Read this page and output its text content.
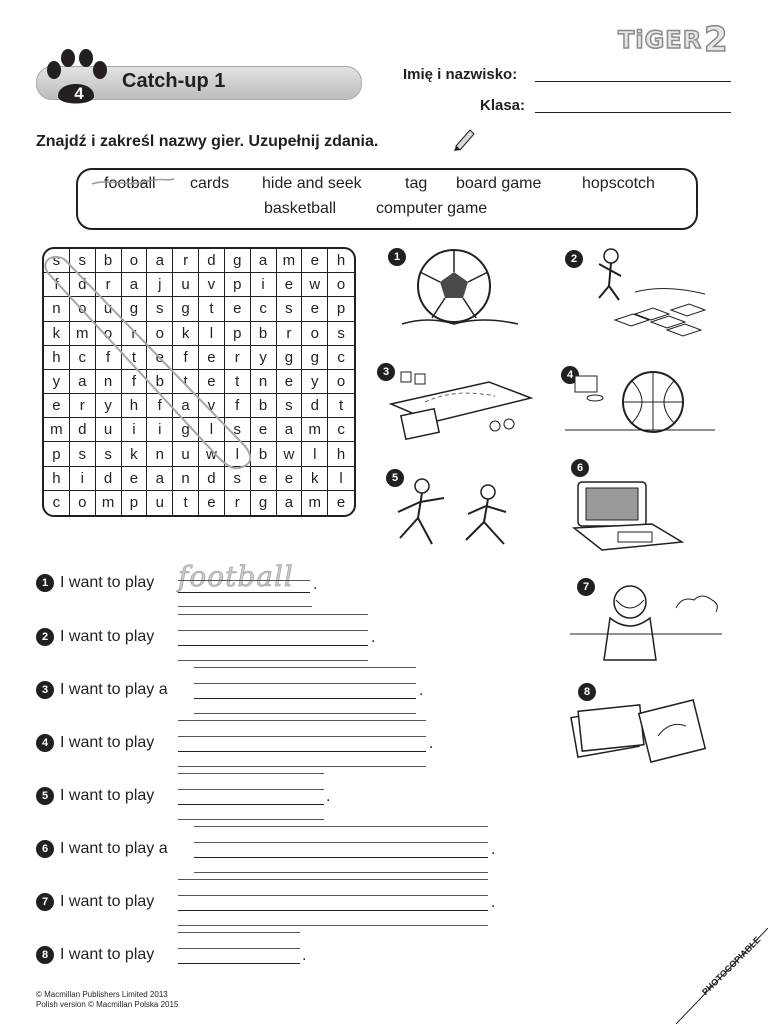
TiGER 2
4
Catch-up 1	Imię i nazwisko:
Klasa:
Znajdź i zakreśl nazwy gier. Uzupełnij zdania.
football cards hide and seek	tag board game	hopscotch
basketball computer game
s	s	b	o	a	r	d	g	a	m	e	h
f	d	r	a	j	u	v	p	i	e	w	o
n	o	u	g	s	g	t	e	c	s	e	p
k	m	o	r	o	k	l	p	b	r	o	s
h	c	f	t	e	f	e	r	y	g	g	c
y	a	n	f	b	t	e	t	n	e	y	o
e	r	y	h	f	a	v	f	b	s	d	t
m	d	u	i	i	g	l	s	e	a	m	c
p	s	s	k	n	u	w	l	b	w	l	h
h	i	d	e	a	n	d	s	e	e	k	l
c	o	m	p	u	t	e	r	g	a	m	e
1	2
3	4
5
6
7
8
1 I want to play football .
2 I want to play	.
3 I want to play a	.
4 I want to play	.
5 I want to play	.
6 I want to play a	.
7 I want to play	.
8 I want to play	.
© Macmillan Publishers Limited 2013
Polish version © Macmillan Polska 2015
PHOTOCOPIABLE
